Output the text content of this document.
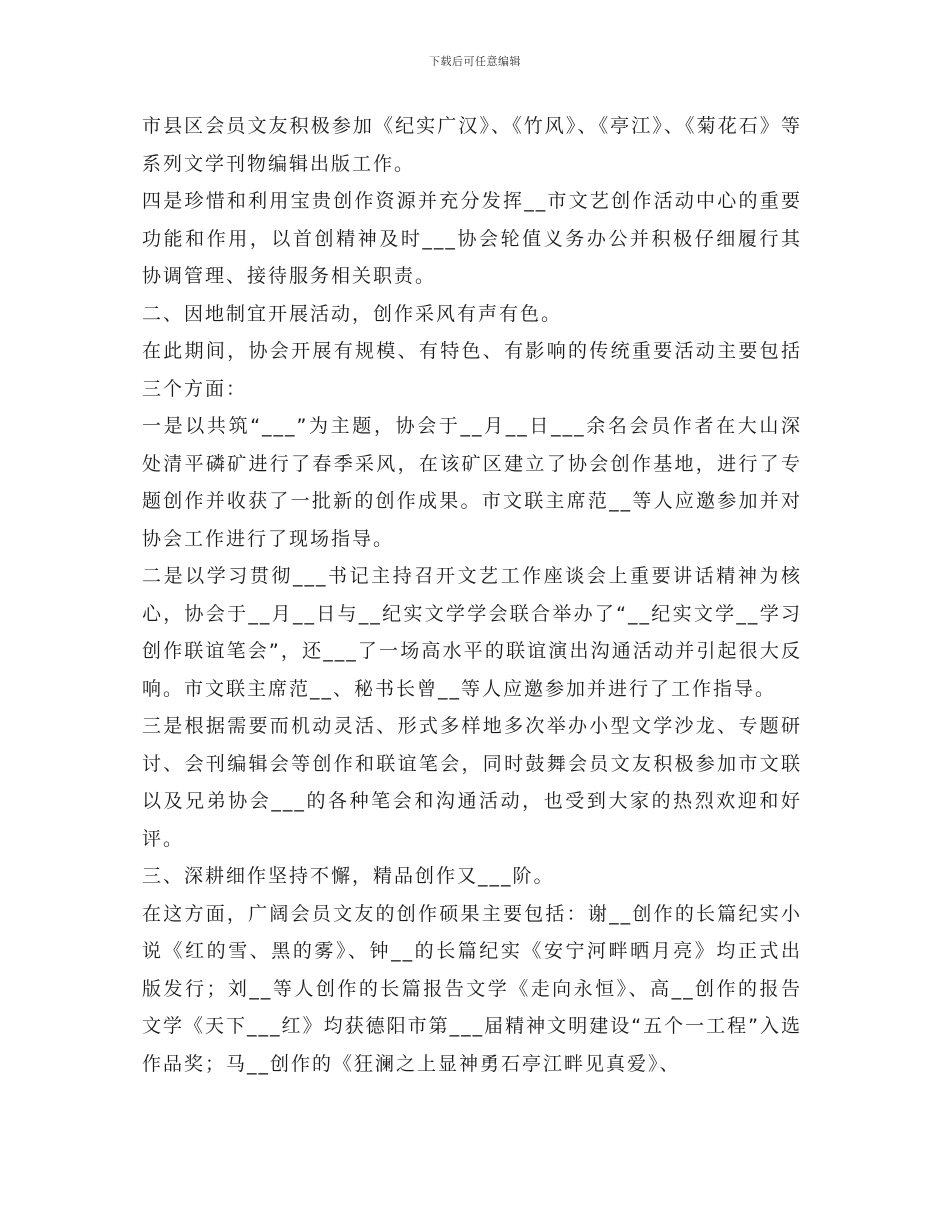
下载后可任意编辑

市县区会员文友积极参加《纪实广汉》、《竹风》、《亭江》、《菊花石》等系列文学刊物编辑出版工作。

四是珍惜和利用宝贵创作资源并充分发挥__市文艺创作活动中心的重要功能和作用，以首创精神及时___协会轮值义务办公并积极仔细履行其协调管理、接待服务相关职责。

二、因地制宜开展活动，创作采风有声有色。

在此期间，协会开展有规模、有特色、有影响的传统重要活动主要包括三个方面：

一是以共筑“___”为主题，协会于__月__日___余名会员作者在大山深处清平磷矿进行了春季采风，在该矿区建立了协会创作基地，进行了专题创作并收获了一批新的创作成果。市文联主席范__等人应邀参加并对协会工作进行了现场指导。

二是以学习贯彻___书记主持召开文艺工作座谈会上重要讲话精神为核心，协会于__月__日与__纪实文学学会联合举办了“__纪实文学__学习创作联谊笔会”，还___了一场高水平的联谊演出沟通活动并引起很大反响。市文联主席范__、秘书长曾__等人应邀参加并进行了工作指导。

三是根据需要而机动灵活、形式多样地多次举办小型文学沙龙、专题研讨、会刊编辑会等创作和联谊笔会，同时鼓舞会员文友积极参加市文联以及兄弟协会___的各种笔会和沟通活动，也受到大家的热烈欢迎和好评。

三、深耕细作坚持不懈，精品创作又___阶。

在这方面，广阔会员文友的创作硕果主要包括：谢__创作的长篇纪实小说《红的雪、黑的雾》、钟__的长篇纪实《安宁河畔晒月亮》均正式出版发行；刘__等人创作的长篇报告文学《走向永恒》、高__创作的报告文学《天下___红》均获德阳市第___届精神文明建设“五个一工程”入选作品奖；马__创作的《狂澜之上显神勇石亭江畔见真爱》、
